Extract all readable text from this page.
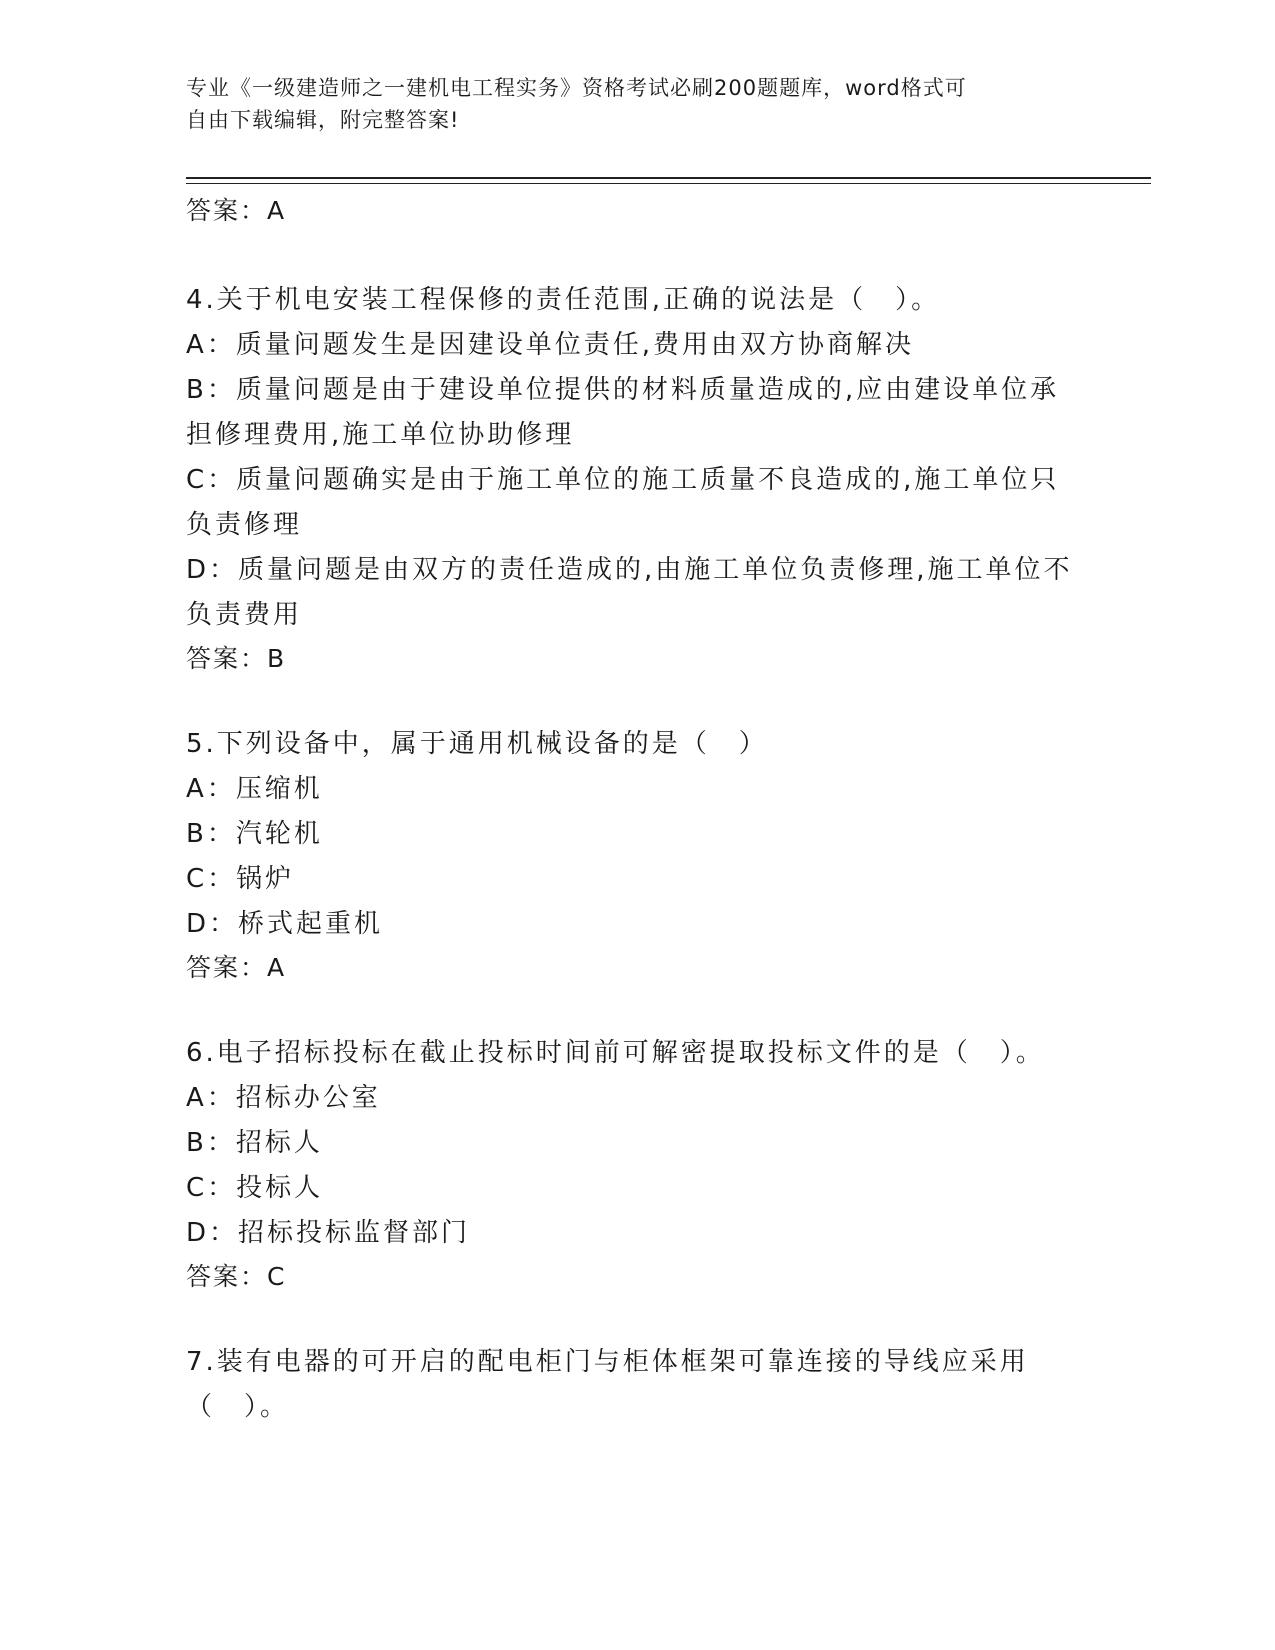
专业《一级建造师之一建机电工程实务》资格考试必刷200题题库，word格式可
自由下载编辑，附完整答案!

答案：A

4.关于机电安装工程保修的责任范围,正确的说法是（　）。

A：质量问题发生是因建设单位责任,费用由双方协商解决

B：质量问题是由于建设单位提供的材料质量造成的,应由建设单位承担修理费用,施工单位协助修理

C：质量问题确实是由于施工单位的施工质量不良造成的,施工单位只负责修理

D：质量问题是由双方的责任造成的,由施工单位负责修理,施工单位不负责费用

答案：B

5.下列设备中，属于通用机械设备的是（　）

A：压缩机

B：汽轮机

C：锅炉

D：桥式起重机

答案：A

6.电子招标投标在截止投标时间前可解密提取投标文件的是（　）。

A：招标办公室

B：招标人

C：投标人

D：招标投标监督部门

答案：C

7.装有电器的可开启的配电柜门与柜体框架可靠连接的导线应采用（　）。
